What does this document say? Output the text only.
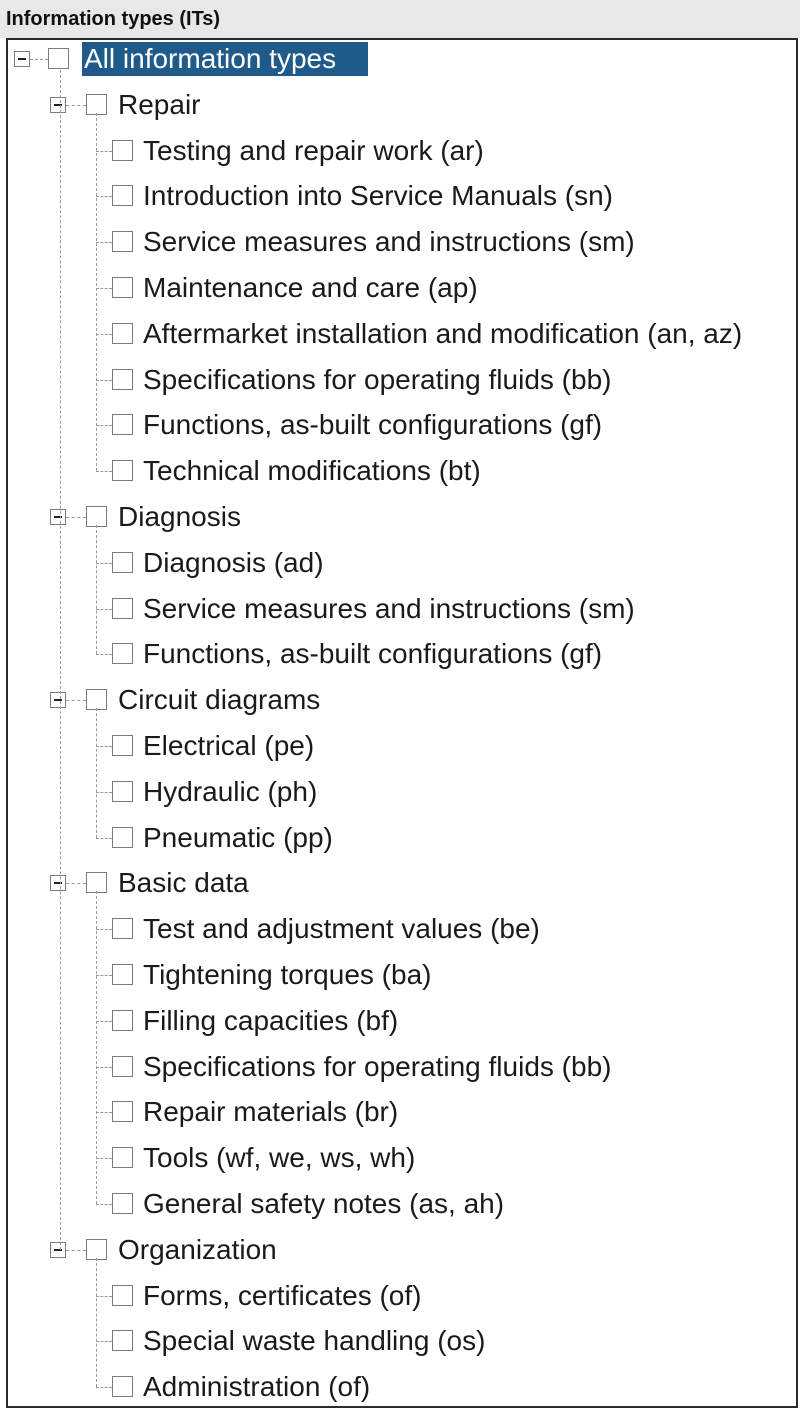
Information types (ITs)
All information types
Repair
Testing and repair work (ar)
Introduction into Service Manuals (sn)
Service measures and instructions (sm)
Maintenance and care (ap)
Aftermarket installation and modification (an, az)
Specifications for operating fluids (bb)
Functions, as-built configurations (gf)
Technical modifications (bt)
Diagnosis
Diagnosis (ad)
Service measures and instructions (sm)
Functions, as-built configurations (gf)
Circuit diagrams
Electrical (pe)
Hydraulic (ph)
Pneumatic (pp)
Basic data
Test and adjustment values (be)
Tightening torques (ba)
Filling capacities (bf)
Specifications for operating fluids (bb)
Repair materials (br)
Tools (wf, we, ws, wh)
General safety notes (as, ah)
Organization
Forms, certificates (of)
Special waste handling (os)
Administration (of)
